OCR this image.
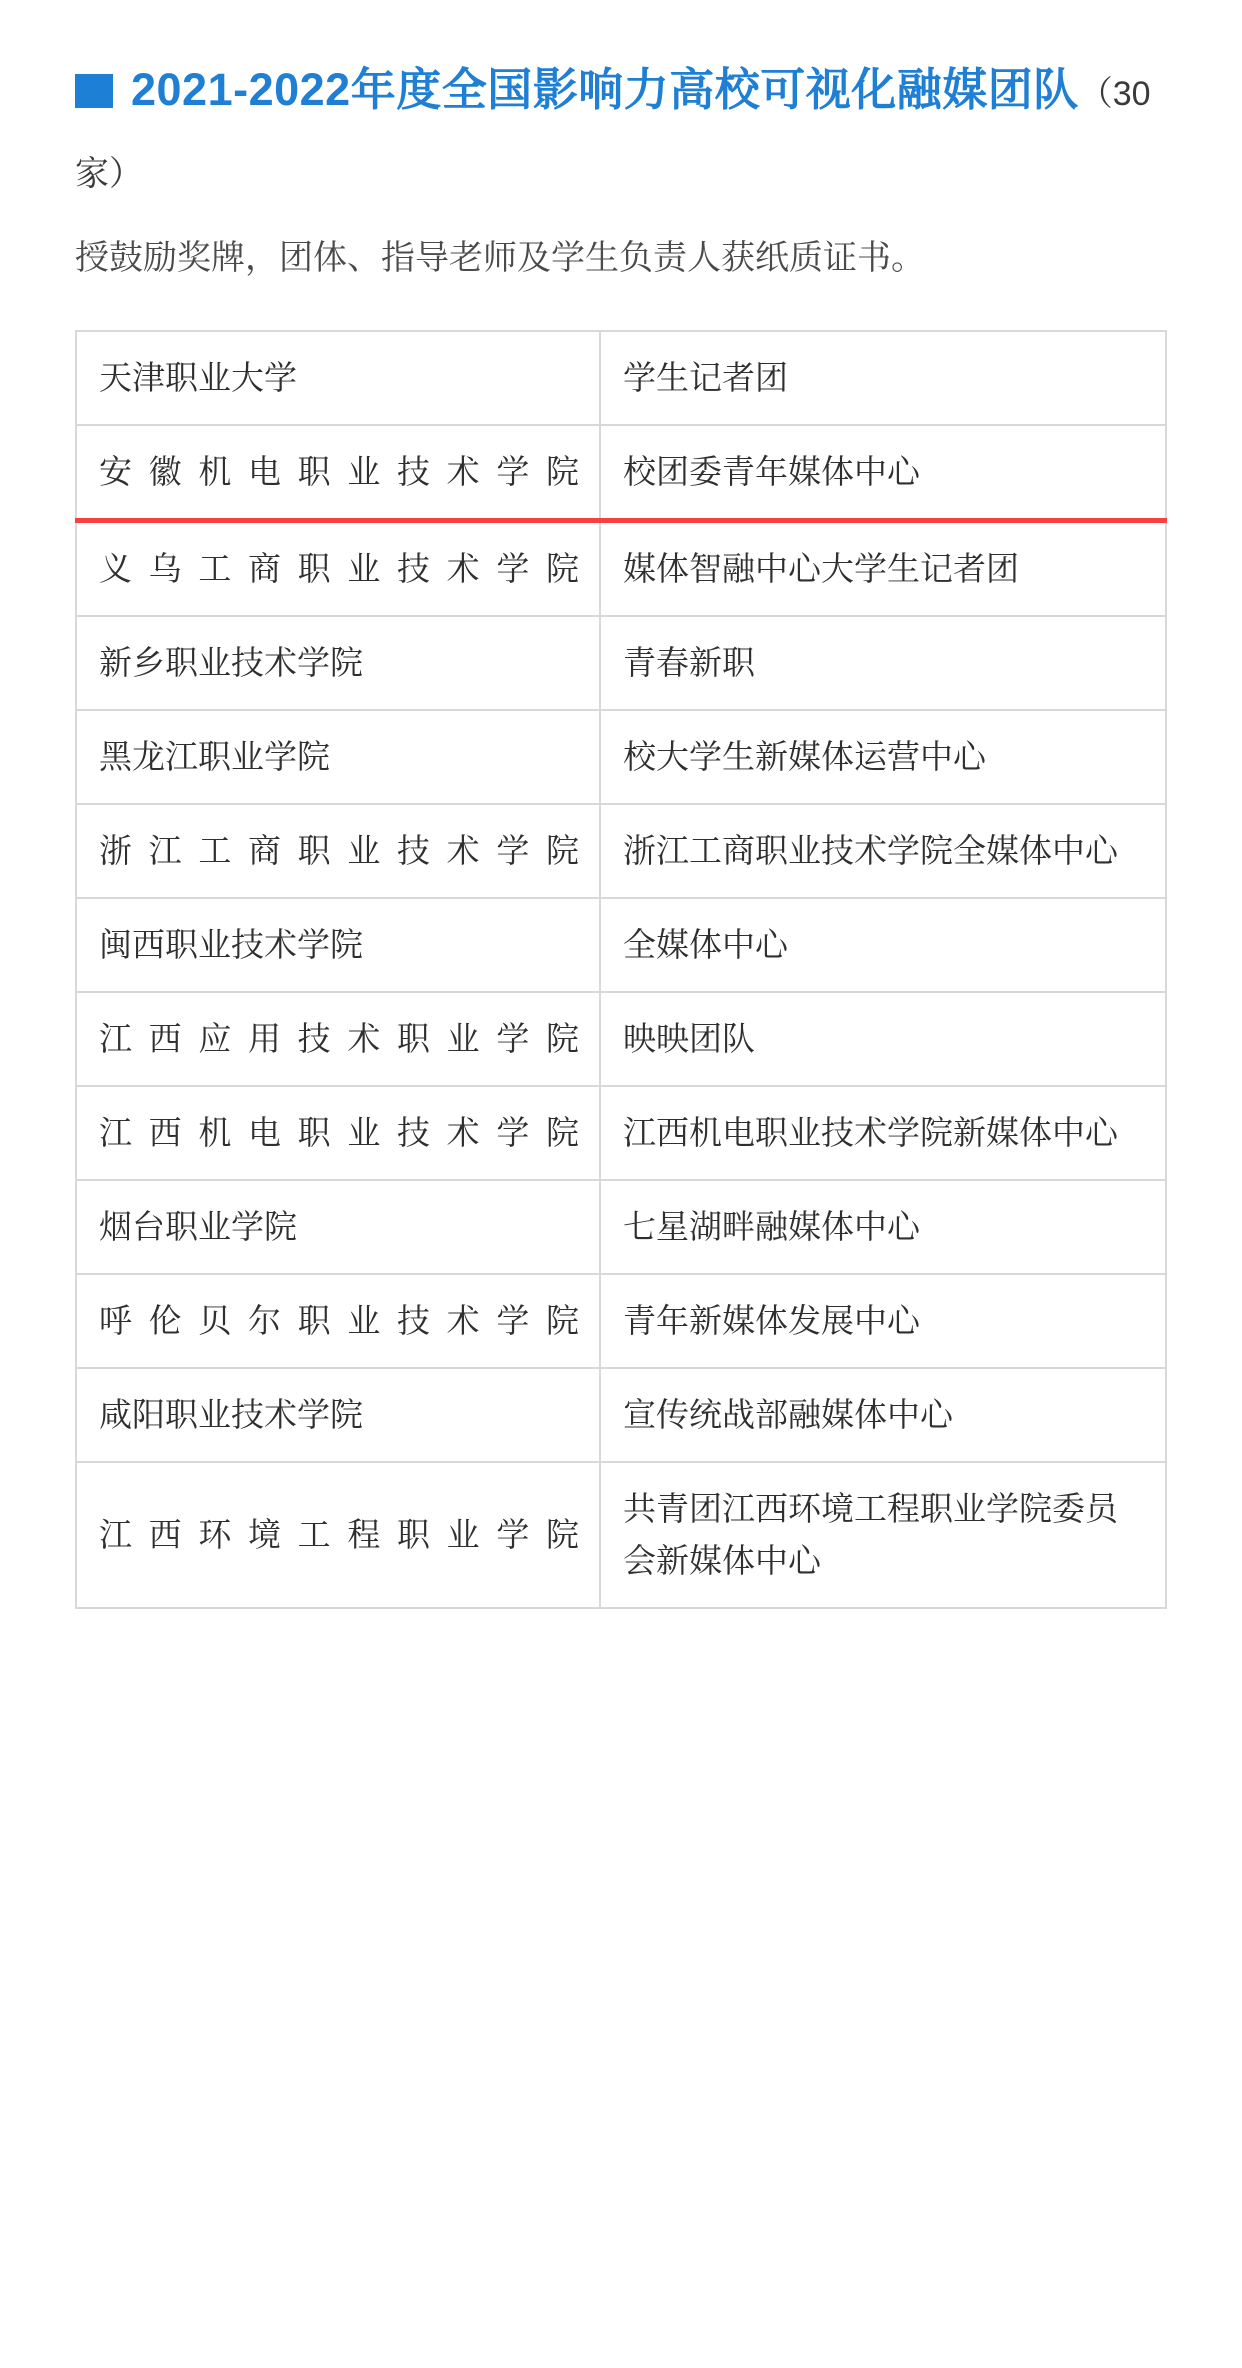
2021-2022年度全国影响力高校可视化融媒团队（30家）
授鼓励奖牌，团体、指导老师及学生负责人获纸质证书。
天津职业大学	学生记者团
安徽机电职业技术学院	校团委青年媒体中心
义乌工商职业技术学院	媒体智融中心大学生记者团
新乡职业技术学院	青春新职
黑龙江职业学院	校大学生新媒体运营中心
浙江工商职业技术学院	浙江工商职业技术学院全媒体中心
闽西职业技术学院	全媒体中心
江西应用技术职业学院	映映团队
江西机电职业技术学院	江西机电职业技术学院新媒体中心
烟台职业学院	七星湖畔融媒体中心
呼伦贝尔职业技术学院	青年新媒体发展中心
咸阳职业技术学院	宣传统战部融媒体中心
江西环境工程职业学院	共青团江西环境工程职业学院委员会新媒体中心
